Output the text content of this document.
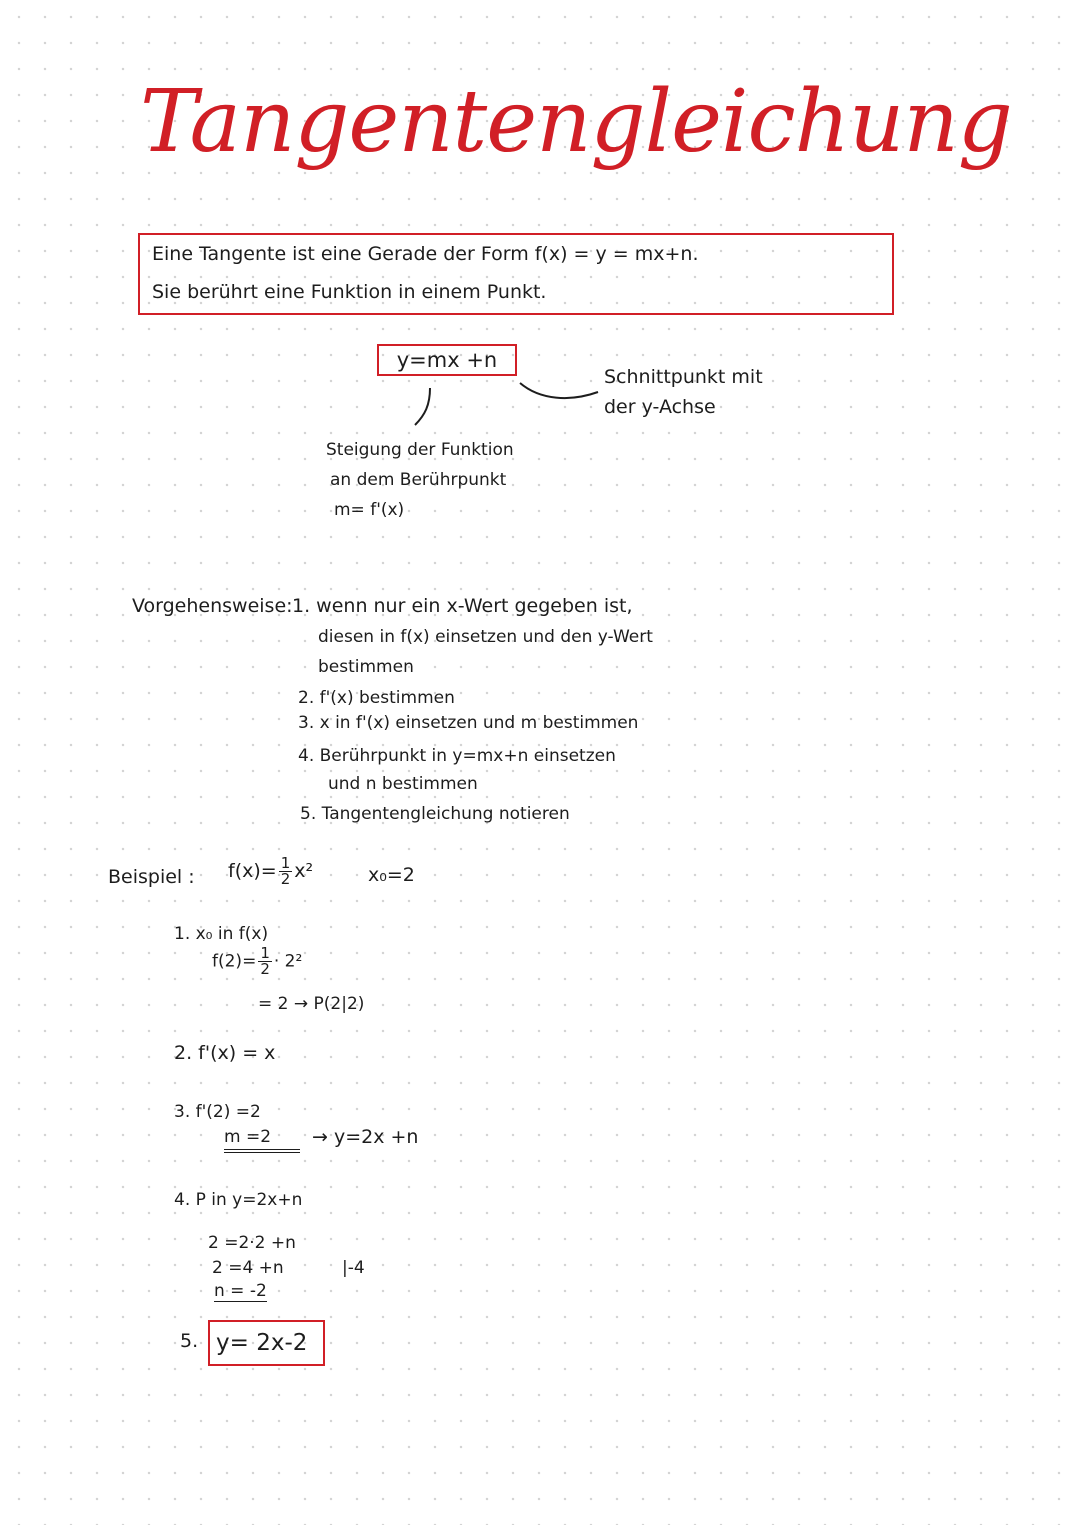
Tangentengleichung
Eine Tangente ist eine Gerade der Form f(x) = y = mx+n.
Sie berührt eine Funktion in einem Punkt.
y=mx +n
Schnittpunkt mit
der y-Achse
Steigung der Funktion
an dem Berührpunkt
m= f'(x)
Vorgehensweise: 1. wenn nur ein x-Wert gegeben ist,
diesen in f(x) einsetzen und den y-Wert
bestimmen
2. f'(x) bestimmen
3. x in f'(x) einsetzen und m bestimmen
4. Berührpunkt in y=mx+n einsetzen
und n bestimmen
5. Tangentengleichung notieren
Beispiel : $f(x)= \frac{1}{2} x^2$	x₀=2
1. x₀ in f(x)
$f(2)= \frac{1}{2} \cdot 2^2$
= 2 → P(2|2)
2. f'(x) = x
3. f'(2) =2
m =2	→ y=2x +n
4. P in y=2x+n
2 =2·2 +n
2 =4 +n	|-4
n = -2
5. y= 2x-2
